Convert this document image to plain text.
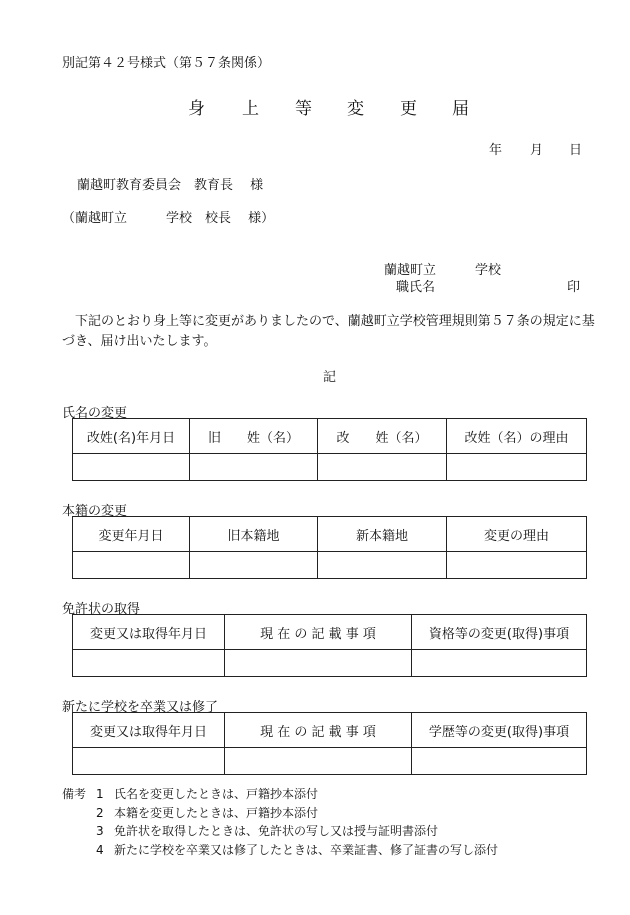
別記第４２号様式（第５７条関係）
身 上 等 変 更 届
年 月 日
蘭越町教育委員会　教育長　 様
（蘭越町立　　　学校　校長　 様）
蘭越町立　　　学校
職氏名	印
　下記のとおり身上等に変更がありましたので、蘭越町立学校管理規則第５７条の規定に基づき、届け出いたします。
記
氏名の変更
改姓(名)年月日	旧　　姓（名）	改　　姓（名）	改姓（名）の理由

本籍の変更
変更年月日	旧本籍地	新本籍地	変更の理由

免許状の取得
変更又は取得年月日	現 在 の 記 載 事 項	資格等の変更(取得)事項

新たに学校を卒業又は修了
変更又は取得年月日	現 在 の 記 載 事 項	学歴等の変更(取得)事項

備考 1 氏名を変更したときは、戸籍抄本添付
2 本籍を変更したときは、戸籍抄本添付
3 免許状を取得したときは、免許状の写し又は授与証明書添付
4 新たに学校を卒業又は修了したときは、卒業証書、修了証書の写し添付
